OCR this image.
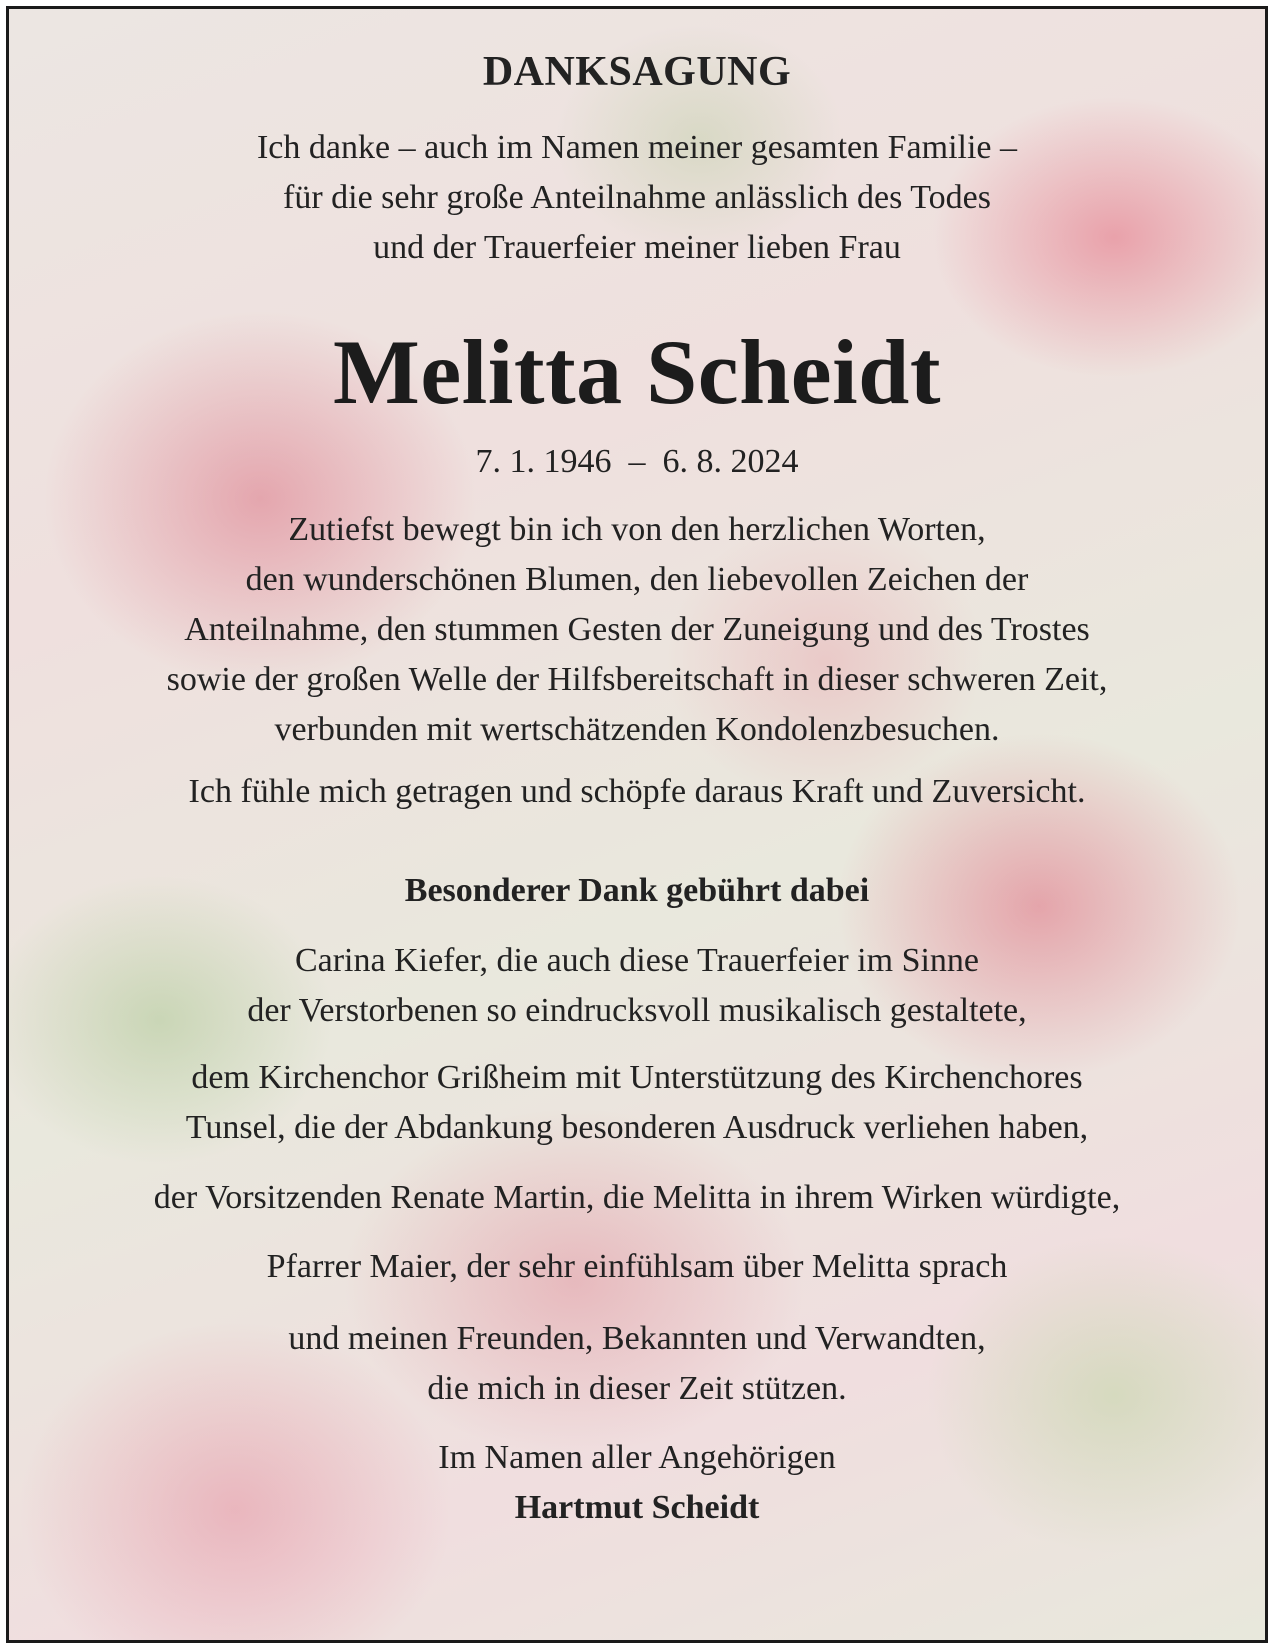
DANKSAGUNG
Ich danke – auch im Namen meiner gesamten Familie –
für die sehr große Anteilnahme anlässlich des Todes
und der Trauerfeier meiner lieben Frau
Melitta Scheidt
7. 1. 1946  –  6. 8. 2024
Zutiefst bewegt bin ich von den herzlichen Worten,
den wunderschönen Blumen, den liebevollen Zeichen der
Anteilnahme, den stummen Gesten der Zuneigung und des Trostes
sowie der großen Welle der Hilfsbereitschaft in dieser schweren Zeit,
verbunden mit wertschätzenden Kondolenzbesuchen.
Ich fühle mich getragen und schöpfe daraus Kraft und Zuversicht.
Besonderer Dank gebührt dabei
Carina Kiefer, die auch diese Trauerfeier im Sinne
der Verstorbenen so eindrucksvoll musikalisch gestaltete,
dem Kirchenchor Grißheim mit Unterstützung des Kirchenchores
Tunsel, die der Abdankung besonderen Ausdruck verliehen haben,
der Vorsitzenden Renate Martin, die Melitta in ihrem Wirken würdigte,
Pfarrer Maier, der sehr einfühlsam über Melitta sprach
und meinen Freunden, Bekannten und Verwandten,
die mich in dieser Zeit stützen.
Im Namen aller Angehörigen
Hartmut Scheidt
